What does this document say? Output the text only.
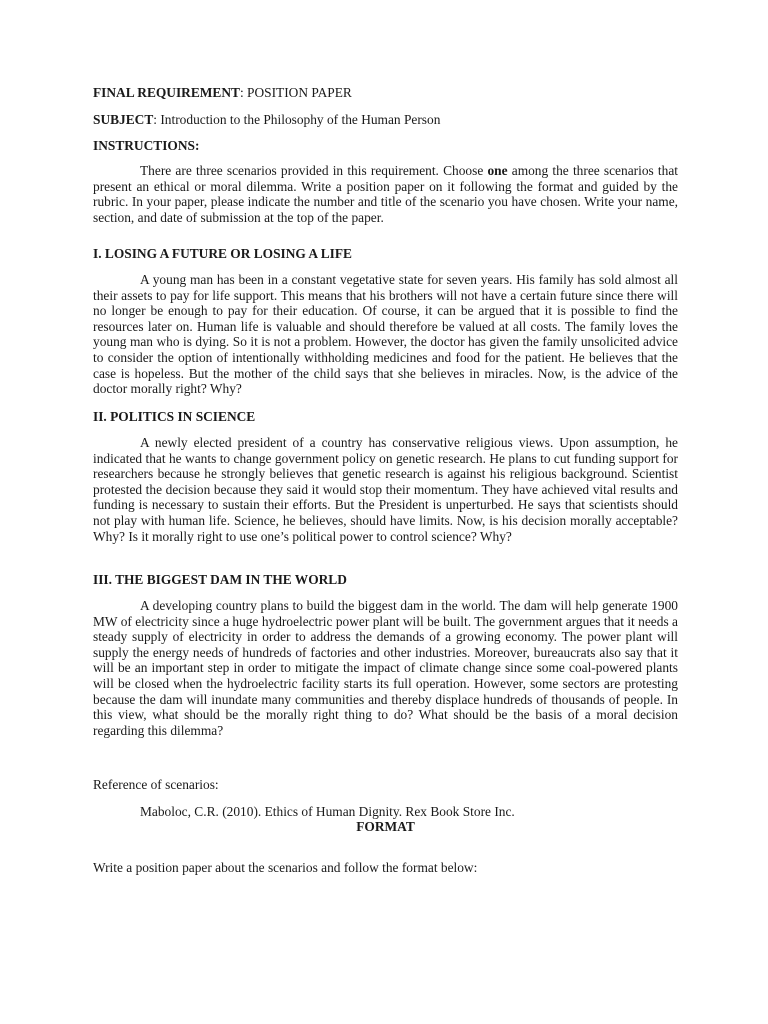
FINAL REQUIREMENT: POSITION PAPER

SUBJECT: Introduction to the Philosophy of the Human Person

INSTRUCTIONS:

There are three scenarios provided in this requirement. Choose one among the three scenarios that present an ethical or moral dilemma. Write a position paper on it following the format and guided by the rubric. In your paper, please indicate the number and title of the scenario you have chosen. Write your name, section, and date of submission at the top of the paper.

I. LOSING A FUTURE OR LOSING A LIFE

A young man has been in a constant vegetative state for seven years. His family has sold almost all their assets to pay for life support. This means that his brothers will not have a certain future since there will no longer be enough to pay for their education. Of course, it can be argued that it is possible to find the resources later on. Human life is valuable and should therefore be valued at all costs. The family loves the young man who is dying. So it is not a problem. However, the doctor has given the family unsolicited advice to consider the option of intentionally withholding medicines and food for the patient. He believes that the case is hopeless. But the mother of the child says that she believes in miracles. Now, is the advice of the doctor morally right? Why?

II. POLITICS IN SCIENCE

A newly elected president of a country has conservative religious views. Upon assumption, he indicated that he wants to change government policy on genetic research. He plans to cut funding support for researchers because he strongly believes that genetic research is against his religious background. Scientist protested the decision because they said it would stop their momentum. They have achieved vital results and funding is necessary to sustain their efforts. But the President is unperturbed. He says that scientists should not play with human life. Science, he believes, should have limits. Now, is his decision morally acceptable? Why? Is it morally right to use one’s political power to control science? Why?

III. THE BIGGEST DAM IN THE WORLD

A developing country plans to build the biggest dam in the world. The dam will help generate 1900 MW of electricity since a huge hydroelectric power plant will be built. The government argues that it needs a steady supply of electricity in order to address the demands of a growing economy. The power plant will supply the energy needs of hundreds of factories and other industries. Moreover, bureaucrats also say that it will be an important step in order to mitigate the impact of climate change since some coal-powered plants will be closed when the hydroelectric facility starts its full operation. However, some sectors are protesting because the dam will inundate many communities and thereby displace hundreds of thousands of people. In this view, what should be the morally right thing to do? What should be the basis of a moral decision regarding this dilemma?

Reference of scenarios:

Maboloc, C.R. (2010). Ethics of Human Dignity. Rex Book Store Inc.

FORMAT

Write a position paper about the scenarios and follow the format below:
